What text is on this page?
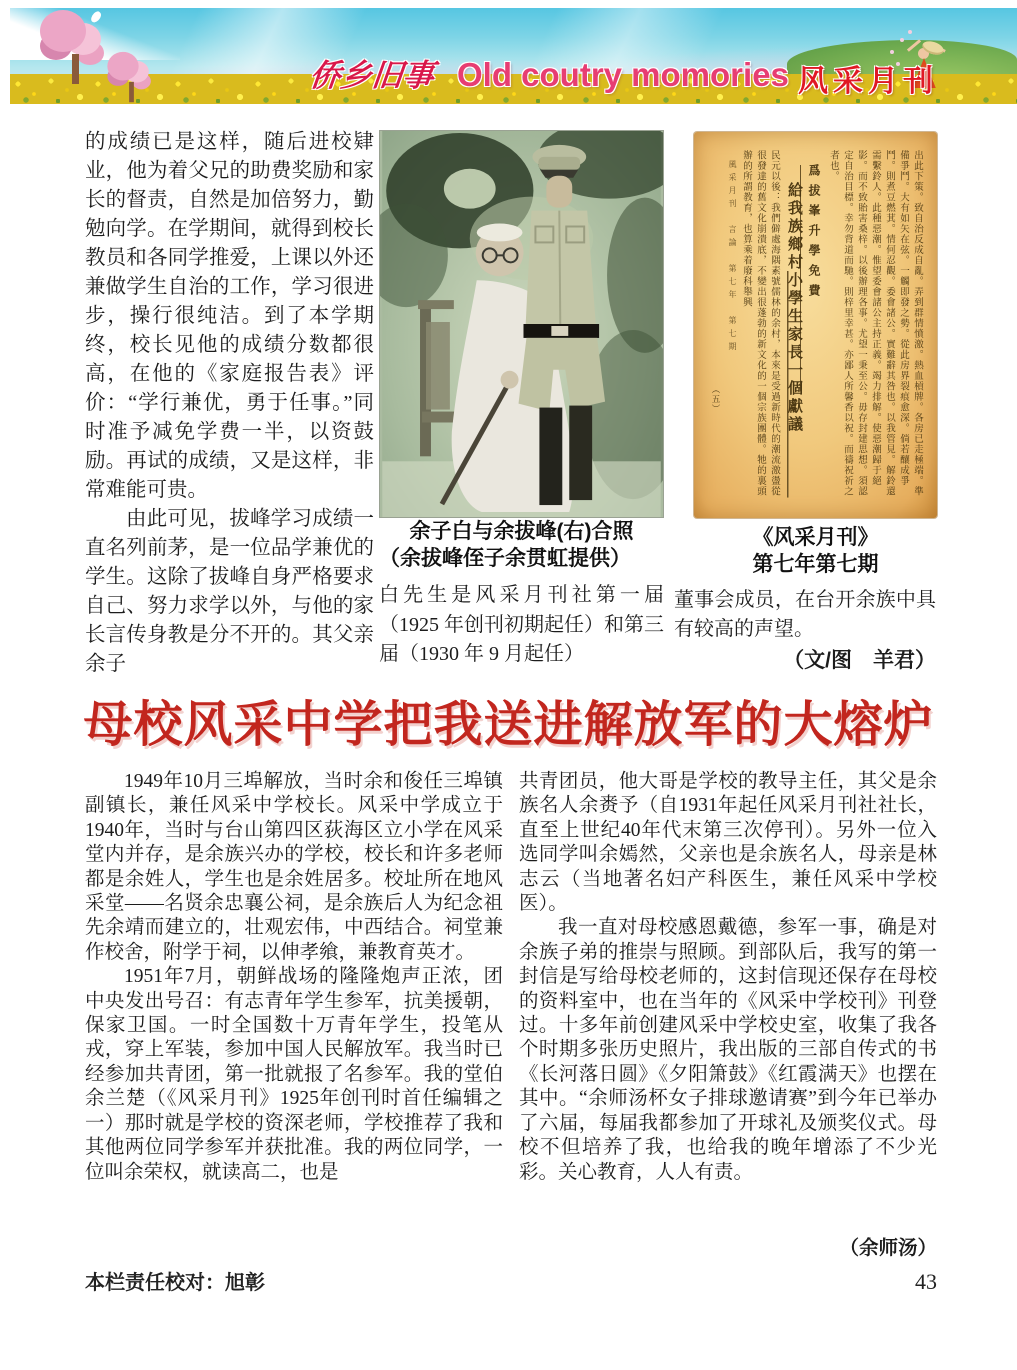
侨乡旧事 Old coutry momories 风采月刊

的成绩已是这样，随后进校肄业，他为着父兄的助费奖励和家长的督责，自然是加倍努力，勤勉向学。在学期间，就得到校长教员和各同学推爱，上课以外还兼做学生自治的工作，学习很进步，操行很纯洁。到了本学期终，校长见他的成绩分数都很高，在他的《家庭报告表》评价：“学行兼优，勇于任事。”同时准予减免学费一半，以资鼓励。再试的成绩，又是这样，非常难能可贵。

由此可见，拔峰学习成绩一直名列前茅，是一位品学兼优的学生。这除了拔峰自身严格要求自己、努力求学以外，与他的家长言传身教是分不开的。其父亲余子

余子白与余拔峰(右)合照
（余拔峰侄子余贯虹提供）
白先生是风采月刊社第一届（1925 年创刊初期起任）和第三届（1930 年 9 月起任）
出此下策。致自治反成自亂。弄到群情憤激。熱血槓牌。各房已走極端。準備爭鬥。大有如矢在弦。一觸即發之勢。從此房界裂痕愈深。倘若釀成爭鬥。則煮豆燃萁。情何忍觀。委會諸公。實難辭其咎也。以我管見。解鈴還需繫鈴人。此種惡潮。惟望委會諸公主持正義。竭力排解。使惡潮歸于絕影。而不致貽害桑梓。以後辦理各事。尤望一秉至公。毋存封建思想。須認定自治目標。幸勿背道而馳。則梓里幸甚。亦鄙人所馨香以祝。而禱祝祈之者也。
爲拔峯升學免費
給我族鄉村小學生家長一個獻議
民元以後：我們僻處海隅素號儒林的余村，本來是受過新時代的潮流激盪從很發達的舊文化崩潰底，不變出很蓬勃的新文化的一個宗族團體。牠的裏頭辦的所謂教育，也算乘着廢科舉興
風采月刊　言論　第七年　第七期
（五）
《风采月刊》
第七年第七期
董事会成员，在台开余族中具有较高的声望。
（文/图　羊君）
母校风采中学把我送进解放军的大熔炉

1949年10月三埠解放，当时余和俊任三埠镇副镇长，兼任风采中学校长。风采中学成立于1940年，当时与台山第四区荻海区立小学在风采堂内并存，是余族兴办的学校，校长和许多老师都是余姓人，学生也是余姓居多。校址所在地风采堂——名贤余忠襄公祠，是余族后人为纪念祖先余靖而建立的，壮观宏伟，中西结合。祠堂兼作校舍，附学于祠，以伸孝飨，兼教育英才。

1951年7月，朝鲜战场的隆隆炮声正浓，团中央发出号召：有志青年学生参军，抗美援朝，保家卫国。一时全国数十万青年学生，投笔从戎，穿上军装，参加中国人民解放军。我当时已经参加共青团，第一批就报了名参军。我的堂伯余兰楚（《风采月刊》1925年创刊时首任编辑之一）那时就是学校的资深老师，学校推荐了我和其他两位同学参军并获批准。我的两位同学，一位叫余荣权，就读高二，也是

共青团员，他大哥是学校的教导主任，其父是余族名人余赉予（自1931年起任风采月刊社社长，直至上世纪40年代末第三次停刊）。另外一位入选同学叫余嫣然，父亲也是余族名人，母亲是林志云（当地著名妇产科医生，兼任风采中学校医）。

我一直对母校感恩戴德，参军一事，确是对余族子弟的推崇与照顾。到部队后，我写的第一封信是写给母校老师的，这封信现还保存在母校的资料室中，也在当年的《风采中学校刊》刊登过。十多年前创建风采中学校史室，收集了我各个时期多张历史照片，我出版的三部自传式的书《长河落日圆》《夕阳箫鼓》《红霞满天》也摆在其中。“余师汤杯女子排球邀请赛”到今年已举办了六届，每届我都参加了开球礼及颁奖仪式。母校不但培养了我，也给我的晚年增添了不少光彩。关心教育，人人有责。

（余师汤）
本栏责任校对：旭彰	43
